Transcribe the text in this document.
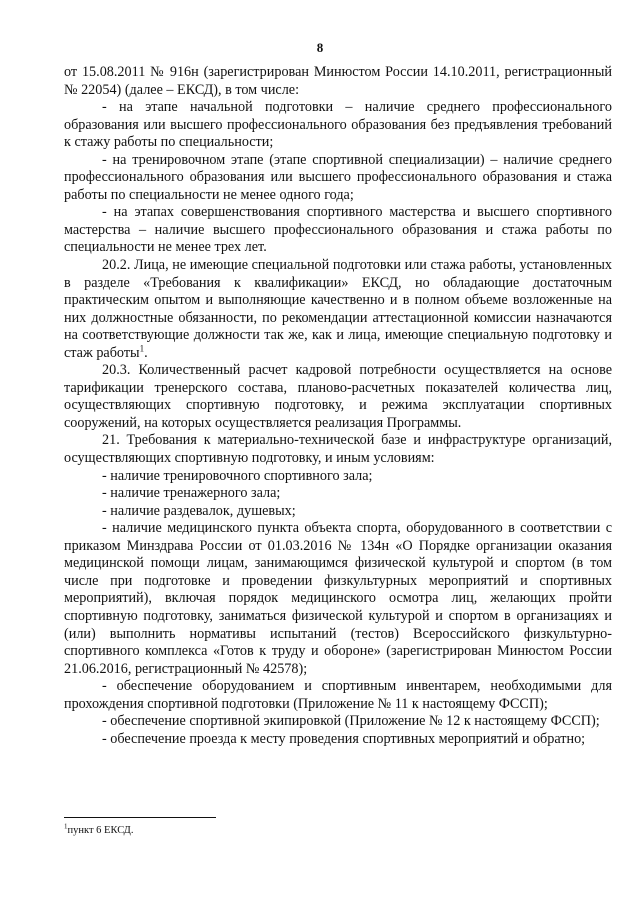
8

от 15.08.2011 № 916н (зарегистрирован Минюстом России 14.10.2011, регистрационный № 22054) (далее – ЕКСД), в том числе:

- на этапе начальной подготовки – наличие среднего профессионального образования или высшего профессионального образования без предъявления требований к стажу работы по специальности;

- на тренировочном этапе (этапе спортивной специализации) – наличие среднего профессионального образования или высшего профессионального образования и стажа работы по специальности не менее одного года;

- на этапах совершенствования спортивного мастерства и высшего спортивного мастерства – наличие высшего профессионального образования и стажа работы по специальности не менее трех лет.

20.2. Лица, не имеющие специальной подготовки или стажа работы, установленных в разделе «Требования к квалификации» ЕКСД, но обладающие достаточным практическим опытом и выполняющие качественно и в полном объеме возложенные на них должностные обязанности, по рекомендации аттестационной комиссии назначаются на соответствующие должности так же, как и лица, имеющие специальную подготовку и стаж работы$^1$.

20.3. Количественный расчет кадровой потребности осуществляется на основе тарификации тренерского состава, планово-расчетных показателей количества лиц, осуществляющих спортивную подготовку, и режима эксплуатации спортивных сооружений, на которых осуществляется реализация Программы.

21. Требования к материально-технической базе и инфраструктуре организаций, осуществляющих спортивную подготовку, и иным условиям:

- наличие тренировочного спортивного зала;

- наличие тренажерного зала;

- наличие раздевалок, душевых;

- наличие медицинского пункта объекта спорта, оборудованного в соответствии с приказом Минздрава России от 01.03.2016 № 134н «О Порядке организации оказания медицинской помощи лицам, занимающимся физической культурой и спортом (в том числе при подготовке и проведении физкультурных мероприятий и спортивных мероприятий), включая порядок медицинского осмотра лиц, желающих пройти спортивную подготовку, заниматься физической культурой и спортом в организациях и (или) выполнить нормативы испытаний (тестов) Всероссийского физкультурно-спортивного комплекса «Готов к труду и обороне» (зарегистрирован Минюстом России 21.06.2016, регистрационный № 42578);

- обеспечение оборудованием и спортивным инвентарем, необходимыми для прохождения спортивной подготовки (Приложение № 11 к настоящему ФССП);

- обеспечение спортивной экипировкой (Приложение № 12 к настоящему ФССП);

- обеспечение проезда к месту проведения спортивных мероприятий и обратно;

$^1$пункт 6 ЕКСД.
